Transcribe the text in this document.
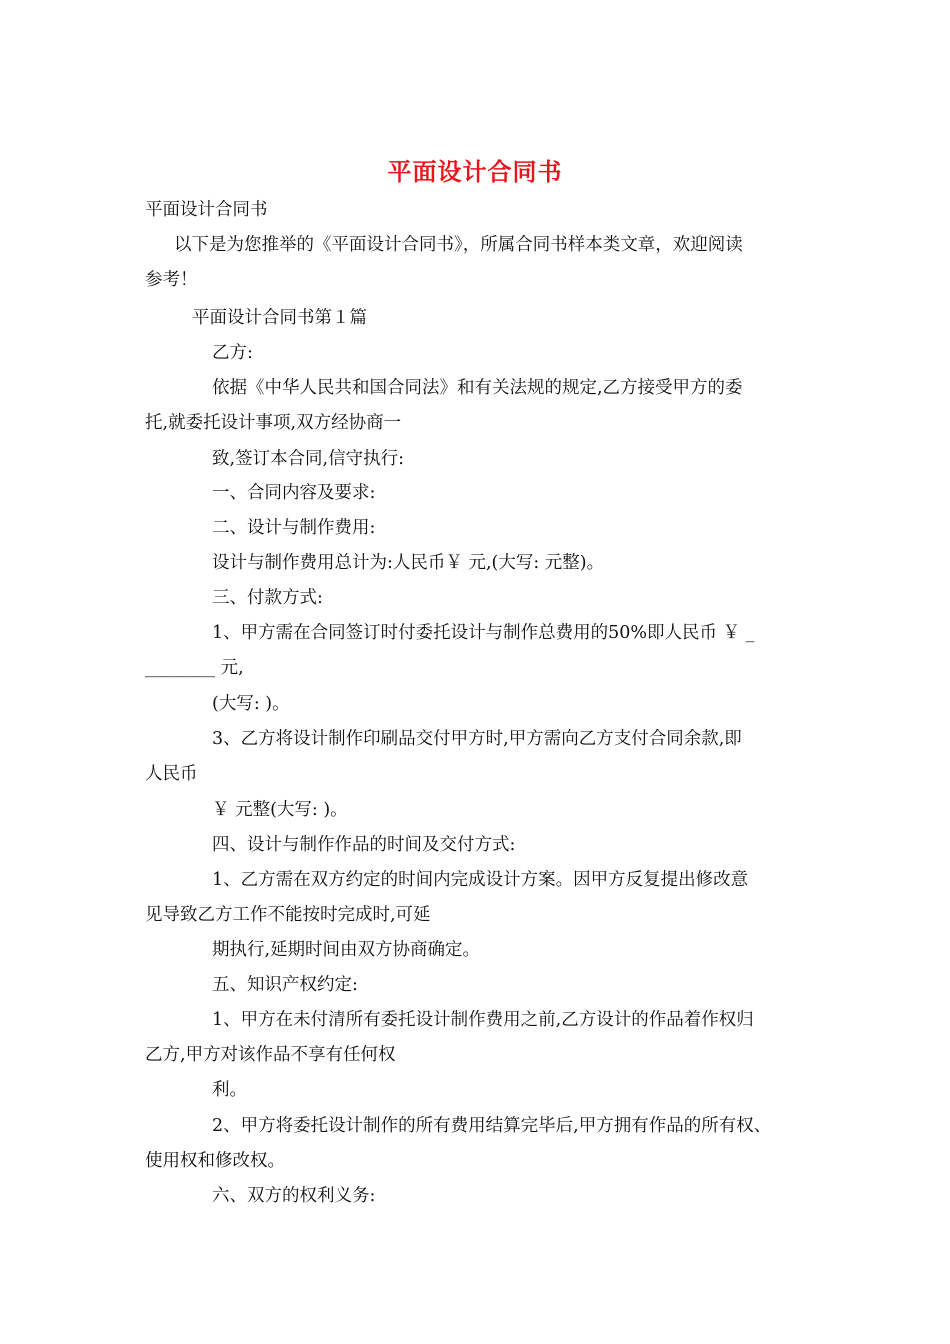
平面设计合同书
平面设计合同书
以下是为您推举的《平面设计合同书》，所属合同书样本类文章，欢迎阅读
参考！
平面设计合同书第１篇
乙方:
依据《中华人民共和国合同法》和有关法规的规定,乙方接受甲方的委
托,就委托设计事项,双方经协商一
致,签订本合同,信守执行:
一、合同内容及要求:
二、设计与制作费用:
设计与制作费用总计为:人民币￥ 元,(大写: 元整)。
三、付款方式:
1、甲方需在合同签订时付委托设计与制作总费用的50%即人民币 ￥ _
________ 元,
(大写: )。
3、乙方将设计制作印刷品交付甲方时,甲方需向乙方支付合同余款,即
人民币
￥ 元整(大写: )。
四、设计与制作作品的时间及交付方式:
1、乙方需在双方约定的时间内完成设计方案。因甲方反复提出修改意
见导致乙方工作不能按时完成时,可延
期执行,延期时间由双方协商确定。
五、知识产权约定:
1、甲方在未付清所有委托设计制作费用之前,乙方设计的作品着作权归
乙方,甲方对该作品不享有任何权
利。
2、甲方将委托设计制作的所有费用结算完毕后,甲方拥有作品的所有权、
使用权和修改权。
六、双方的权利义务:
